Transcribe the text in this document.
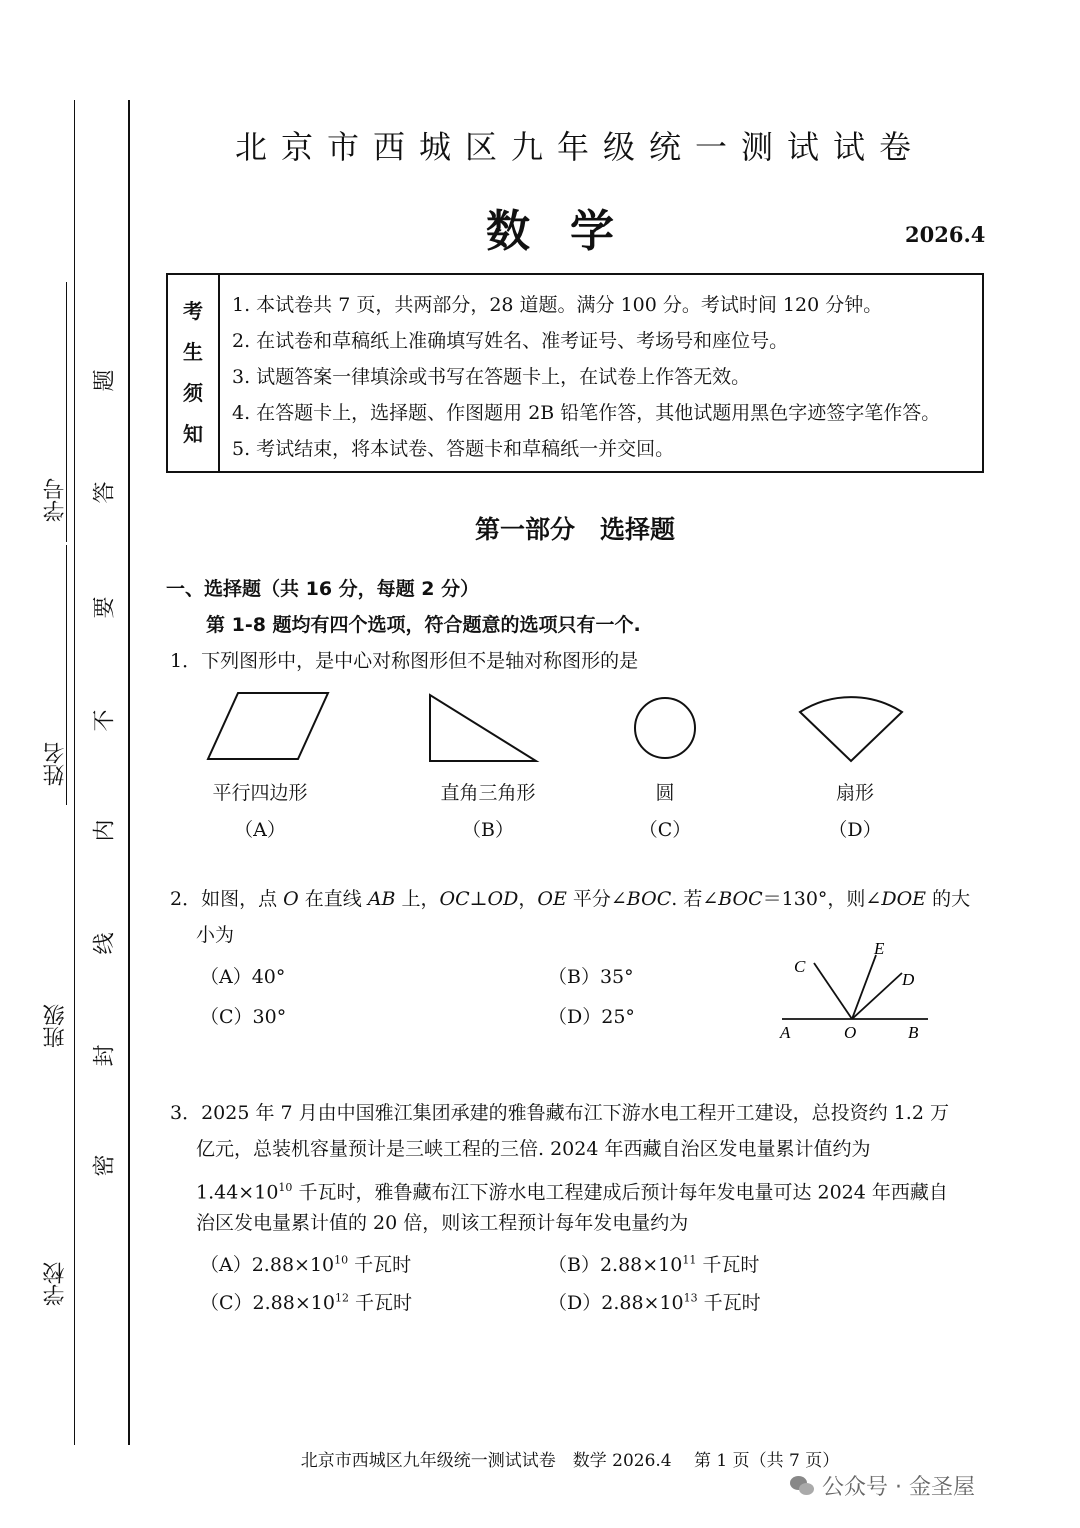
学校
班级
姓名
学号
密
封
线
内
不
要
答
题
北京市西城区九年级统一测试试卷
数学	2026.4
考
生
须
知
1. 本试卷共 7 页，共两部分，28 道题。满分 100 分。考试时间 120 分钟。
2. 在试卷和草稿纸上准确填写姓名、准考证号、考场号和座位号。
3. 试题答案一律填涂或书写在答题卡上，在试卷上作答无效。
4. 在答题卡上，选择题、作图题用 2B 铅笔作答，其他试题用黑色字迹签字笔作答。
5. 考试结束，将本试卷、答题卡和草稿纸一并交回。
第一部分　选择题
一、选择题（共 16 分，每题 2 分）
第 1-8 题均有四个选项，符合题意的选项只有一个.
1．下列图形中，是中心对称图形但不是轴对称图形的是
平行四边形	直角三角形	圆	扇形
（A）	（B）	（C）	（D）
2．如图，点 O 在直线 AB 上，OC⊥OD，OE 平分∠BOC. 若∠BOC＝130°，则∠DOE 的大
小为
（A）40°	（B）35°
（C）30°	（D）25°
C
E
D
A	O	B
3．2025 年 7 月由中国雅江集团承建的雅鲁藏布江下游水电工程开工建设，总投资约 1.2 万
亿元，总装机容量预计是三峡工程的三倍. 2024 年西藏自治区发电量累计值约为
$1.44\times 10^{10}$ 千瓦时，雅鲁藏布江下游水电工程建成后预计每年发电量可达 2024 年西藏自
治区发电量累计值的 20 倍，则该工程预计每年发电量约为
$(A)2.88\times 10^{10}$ 千瓦时	$(B)2.88\times 10^{11}$ 千瓦时
$(C)2.88\times 10^{12}$ 千瓦时	$(D)2.88\times 10^{13}$ 千瓦时
北京市西城区九年级统一测试试卷　数学 2026.4　 第 1 页（共 7 页）
公众号 · 金圣屋
